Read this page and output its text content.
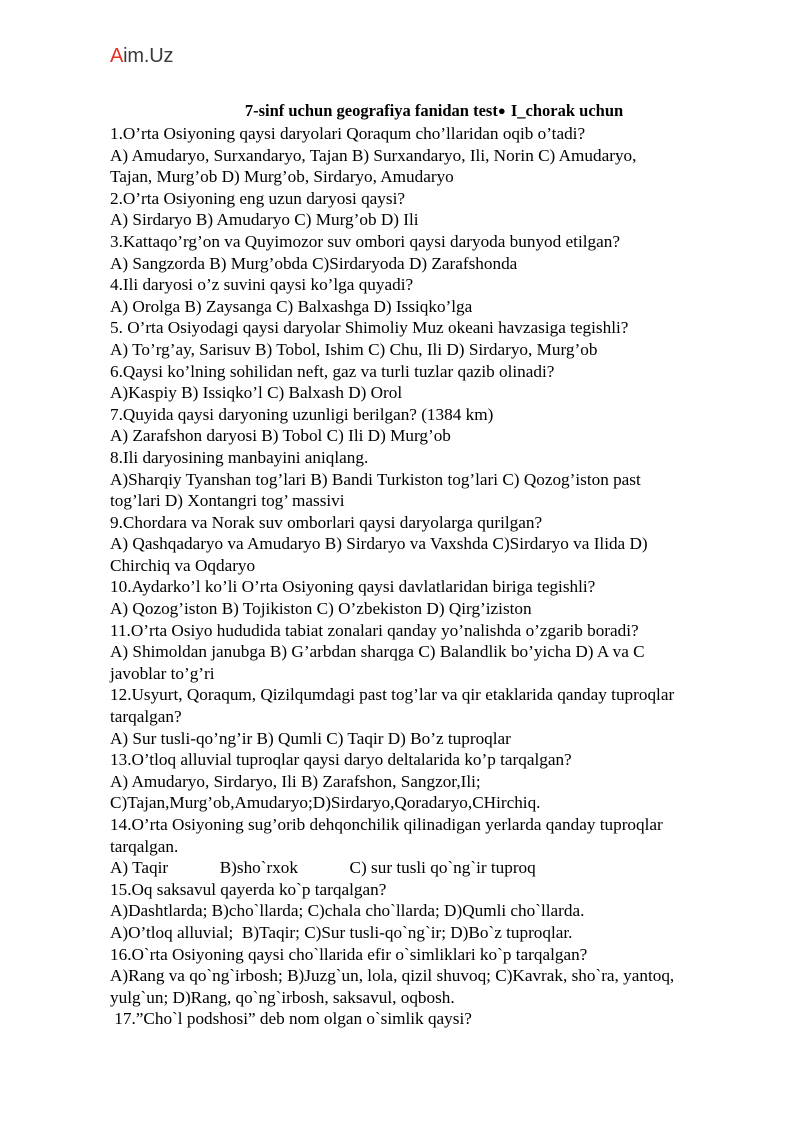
Aim.Uz
7-sinf uchun geografiya fanidan test● I_chorak uchun

1.O’rta Osiyoning qaysi daryolari Qoraqum cho’llaridan oqib o’tadi?

A) Amudaryo, Surxandaryo, Tajan B) Surxandaryo, Ili, Norin C) Amudaryo,

Tajan, Murg’ob D) Murg’ob, Sirdaryo, Amudaryo

2.O’rta Osiyoning eng uzun daryosi qaysi?

A) Sirdaryo B) Amudaryo C) Murg’ob D) Ili

3.Kattaqo’rg’on va Quyimozor suv ombori qaysi daryoda bunyod etilgan?

A) Sangzorda B) Murg’obda C)Sirdaryoda D) Zarafshonda

4.Ili daryosi o’z suvini qaysi ko’lga quyadi?

A) Orolga B) Zaysanga C) Balxashga D) Issiqko’lga

5. O’rta Osiyodagi qaysi daryolar Shimoliy Muz okeani havzasiga tegishli?

A) To’rg’ay, Sarisuv B) Tobol, Ishim C) Chu, Ili D) Sirdaryo, Murg’ob

6.Qaysi ko’lning sohilidan neft, gaz va turli tuzlar qazib olinadi?

A)Kaspiy B) Issiqko’l C) Balxash D) Orol

7.Quyida qaysi daryoning uzunligi berilgan? (1384 km)

A) Zarafshon daryosi B) Tobol C) Ili D) Murg’ob

8.Ili daryosining manbayini aniqlang.

A)Sharqiy Tyanshan tog’lari B) Bandi Turkiston tog’lari C) Qozog’iston past

tog’lari D) Xontangri tog’ massivi

9.Chordara va Norak suv omborlari qaysi daryolarga qurilgan?

A) Qashqadaryo va Amudaryo B) Sirdaryo va Vaxshda C)Sirdaryo va Ilida D)

Chirchiq va Oqdaryo

10.Aydarko’l ko’li O’rta Osiyoning qaysi davlatlaridan biriga tegishli?

A) Qozog’iston B) Tojikiston C) O’zbekiston D) Qirg’iziston

11.O’rta Osiyo hududida tabiat zonalari qanday yo’nalishda o’zgarib boradi?

A) Shimoldan janubga B) G’arbdan sharqga C) Balandlik bo’yicha D) A va C

javoblar to’g’ri

12.Usyurt, Qoraqum, Qizilqumdagi past tog’lar va qir etaklarida qanday tuproqlar

tarqalgan?

A) Sur tusli-qo’ng’ir B) Qumli C) Taqir D) Bo’z tuproqlar

13.O’tloq alluvial tuproqlar qaysi daryo deltalarida ko’p tarqalgan?

A) Amudaryo, Sirdaryo, Ili B) Zarafshon, Sangzor,Ili;

C)Tajan,Murg’ob,Amudaryo;D)Sirdaryo,Qoradaryo,CHirchiq.

14.O’rta Osiyoning sug’orib dehqonchilik qilinadigan yerlarda qanday tuproqlar

tarqalgan.

A) Taqir            B)sho`rxok            C) sur tusli qo`ng`ir tuproq

15.Oq saksavul qayerda ko`p tarqalgan?

A)Dashtlarda; B)cho`llarda; C)chala cho`llarda; D)Qumli cho`llarda.

A)O’tloq alluvial;  B)Taqir; C)Sur tusli-qo`ng`ir; D)Bo`z tuproqlar.

16.O`rta Osiyoning qaysi cho`llarida efir o`simliklari ko`p tarqalgan?

A)Rang va qo`ng`irbosh; B)Juzg`un, lola, qizil shuvoq; C)Kavrak, sho`ra, yantoq,

yulg`un; D)Rang, qo`ng`irbosh, saksavul, oqbosh.

17.”Cho`l podshosi” deb nom olgan o`simlik qaysi?
